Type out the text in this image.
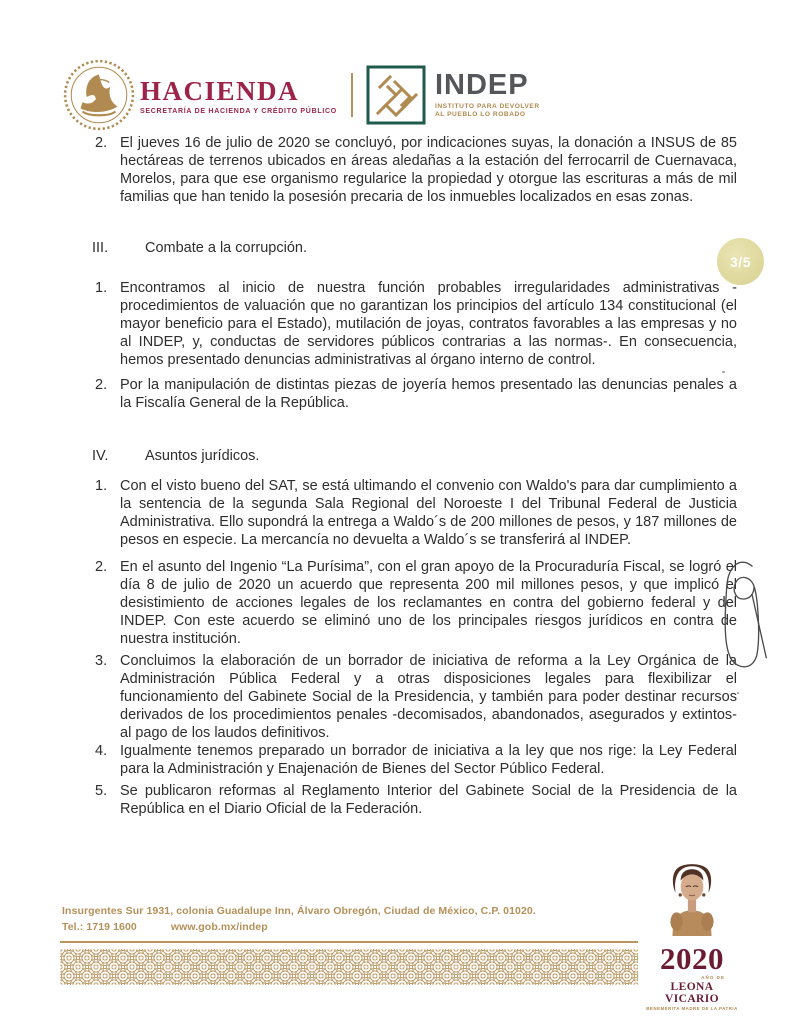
HACIENDA
SECRETARÍA DE HACIENDA Y CRÉDITO PÚBLICO
INDEP
INSTITUTO PARA DEVOLVER
AL PUEBLO LO ROBADO
3/5
2. El jueves 16 de julio de 2020 se concluyó, por indicaciones suyas, la donación a INSUS de 85 hectáreas de terrenos ubicados en áreas aledañas a la estación del ferrocarril de Cuernavaca, Morelos, para que ese organismo regularice la propiedad y otorgue las escrituras a más de mil familias que han tenido la posesión precaria de los inmuebles localizados en esas zonas.
III.	Combate a la corrupción.
1. Encontramos al inicio de nuestra función probables irregularidades administrativas - procedimientos de valuación que no garantizan los principios del artículo 134 constitucional (el mayor beneficio para el Estado), mutilación de joyas, contratos favorables a las empresas y no al INDEP, y, conductas de servidores públicos contrarias a las normas-. En consecuencia, hemos presentado denuncias administrativas al órgano interno de control.
2. Por la manipulación de distintas piezas de joyería hemos presentado las denuncias penales a la Fiscalía General de la República.
IV.	Asuntos jurídicos.
1. Con el visto bueno del SAT, se está ultimando el convenio con Waldo's para dar cumplimiento a la sentencia de la segunda Sala Regional del Noroeste I del Tribunal Federal de Justicia Administrativa. Ello supondrá la entrega a Waldo´s de 200 millones de pesos, y 187 millones de pesos en especie. La mercancía no devuelta a Waldo´s se transferirá al INDEP.
2. En el asunto del Ingenio “La Purísima”, con el gran apoyo de la Procuraduría Fiscal, se logró el día 8 de julio de 2020 un acuerdo que representa 200 mil millones pesos, y que implicó el desistimiento de acciones legales de los reclamantes en contra del gobierno federal y del INDEP. Con este acuerdo se eliminó uno de los principales riesgos jurídicos en contra de nuestra institución.
3. Concluimos la elaboración de un borrador de iniciativa de reforma a la Ley Orgánica de la Administración Pública Federal y a otras disposiciones legales para flexibilizar el funcionamiento del Gabinete Social de la Presidencia, y también para poder destinar recursos derivados de los procedimientos penales -decomisados, abandonados, asegurados y extintos- al pago de los laudos definitivos.
4. Igualmente tenemos preparado un borrador de iniciativa a la ley que nos rige: la Ley Federal para la Administración y Enajenación de Bienes del Sector Público Federal.
5. Se publicaron reformas al Reglamento Interior del Gabinete Social de la Presidencia de la República en el Diario Oficial de la Federación.
Insurgentes Sur 1931, colonia Guadalupe Inn, Álvaro Obregón, Ciudad de México, C.P. 01020.
Tel.: 1719 1600	www.gob.mx/indep
2020
AÑO DE
LEONA VICARIO
BENEMÉRITA MADRE DE LA PATRIA
